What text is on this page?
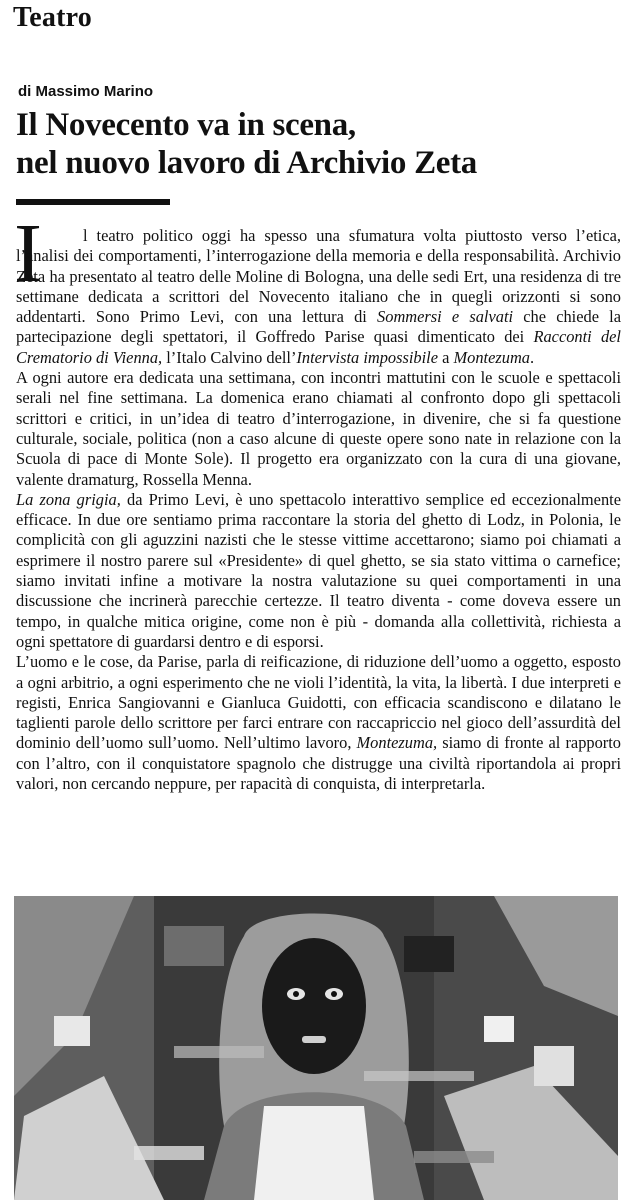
Teatro
di Massimo Marino
Il Novecento va in scena,
nel nuovo lavoro di Archivio Zeta
I	l teatro politico oggi ha spesso una sfumatura volta piuttosto verso l’etica, l’analisi dei comportamenti, l’interrogazione della memoria e della responsabilità. Archivio Zeta ha presentato al teatro delle Moline di Bologna, una delle sedi Ert, una residenza di tre settimane dedicata a scrittori del Novecento italiano che in quegli orizzonti si sono addentarti. Sono Primo Levi, con una lettura di Sommersi e salvati che chiede la partecipazione degli spettatori, il Goffredo Parise quasi dimenticato dei Racconti del Crematorio di Vienna, l’Italo Calvino dell’Intervista impossibile a Montezuma.

A ogni autore era dedicata una settimana, con incontri mattutini con le scuole e spettacoli serali nel fine settimana. La domenica erano chiamati al confronto dopo gli spettacoli scrittori e critici, in un’idea di teatro d’interrogazione, in divenire, che si fa questione culturale, sociale, politica (non a caso alcune di queste opere sono nate in relazione con la Scuola di pace di Monte Sole). Il progetto era organizzato con la cura di una giovane, valente dramaturg, Rossella Menna.

La zona grigia, da Primo Levi, è uno spettacolo interattivo semplice ed eccezionalmente efficace. In due ore sentiamo prima raccontare la storia del ghetto di Lodz, in Polonia, le complicità con gli aguzzini nazisti che le stesse vittime accettarono; siamo poi chiamati a esprimere il nostro parere sul «Presidente» di quel ghetto, se sia stato vittima o carnefice; siamo invitati infine a motivare la nostra valutazione su quei comportamenti in una discussione che incrinerà parecchie certezze. Il teatro diventa - come doveva essere un tempo, in qualche mitica origine, come non è più - domanda alla collettività, richiesta a ogni spettatore di guardarsi dentro e di esporsi.

L’uomo e le cose, da Parise, parla di reificazione, di riduzione dell’uomo a oggetto, esposto a ogni arbitrio, a ogni esperimento che ne violi l’identità, la vita, la libertà. I due interpreti e registi, Enrica Sangiovanni e Gianluca Guidotti, con efficacia scandiscono e dilatano le taglienti parole dello scrittore per farci entrare con raccapriccio nel gioco dell’assurdità del dominio dell’uomo sull’uomo. Nell’ultimo lavoro, Montezuma, siamo di fronte al rapporto con l’altro, con il conquistatore spagnolo che distrugge una civiltà riportandola ai propri valori, non cercando neppure, per rapacità di conquista, di interpretarla.
